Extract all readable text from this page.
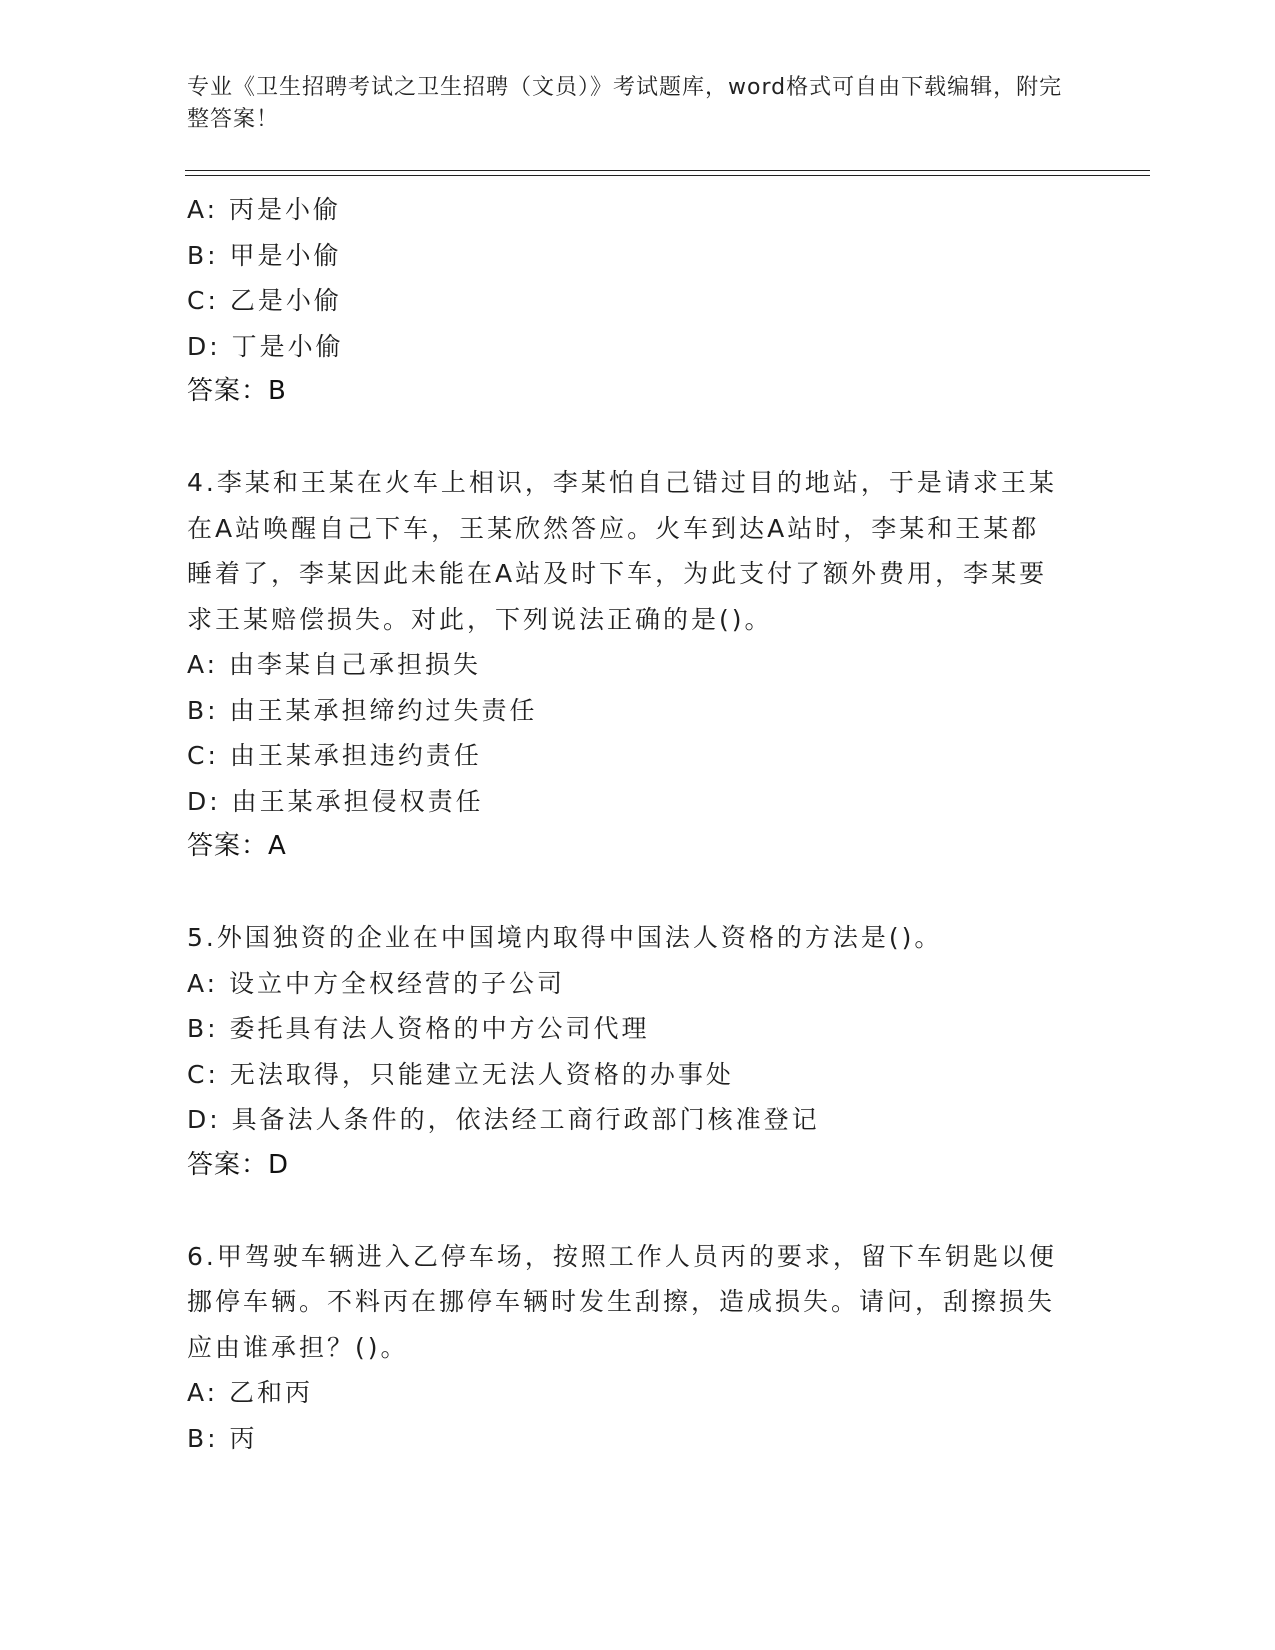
专业《卫生招聘考试之卫生招聘（文员）》考试题库，word格式可自由下载编辑，附完整答案！
A: 丙是小偷
B: 甲是小偷
C: 乙是小偷
D: 丁是小偷
答案：B
4.李某和王某在火车上相识，李某怕自己错过目的地站，于是请求王某在A站唤醒自己下车，王某欣然答应。火车到达A站时，李某和王某都睡着了，李某因此未能在A站及时下车，为此支付了额外费用，李某要求王某赔偿损失。对此，下列说法正确的是()。
A: 由李某自己承担损失
B: 由王某承担缔约过失责任
C: 由王某承担违约责任
D: 由王某承担侵权责任
答案：A
5.外国独资的企业在中国境内取得中国法人资格的方法是()。
A: 设立中方全权经营的子公司
B: 委托具有法人资格的中方公司代理
C: 无法取得，只能建立无法人资格的办事处
D: 具备法人条件的，依法经工商行政部门核准登记
答案：D
6.甲驾驶车辆进入乙停车场，按照工作人员丙的要求，留下车钥匙以便挪停车辆。不料丙在挪停车辆时发生刮擦，造成损失。请问，刮擦损失应由谁承担？()。
A: 乙和丙
B: 丙
